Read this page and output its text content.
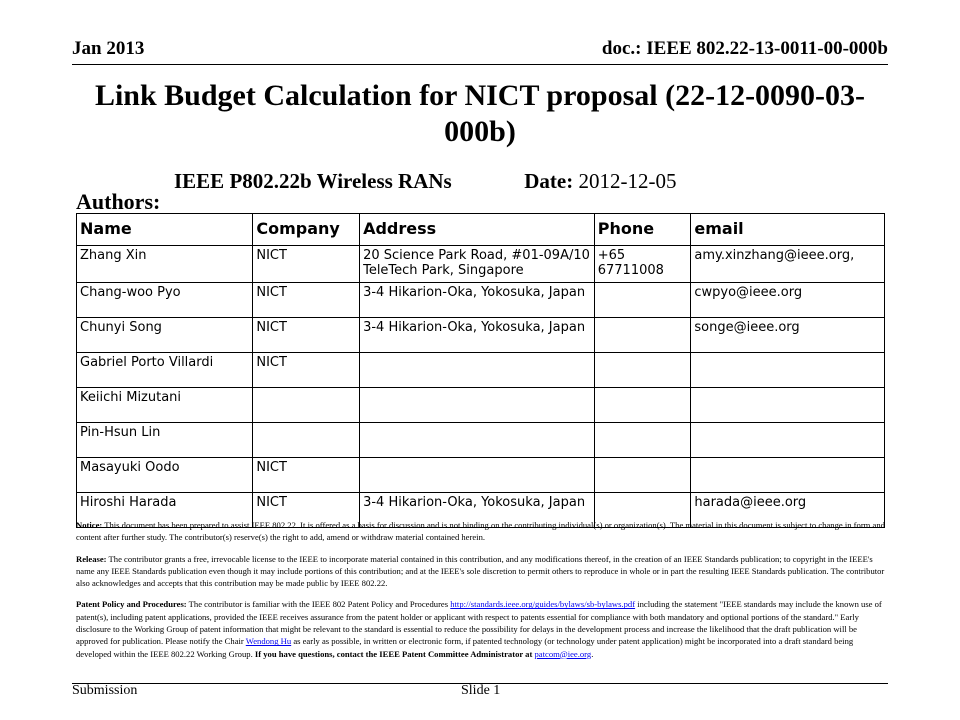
Jan 2013	doc.: IEEE 802.22-13-0011-00-000b
Link Budget Calculation for NICT proposal (22-12-0090-03-000b)
IEEE P802.22b Wireless RANs	Date: 2012-12-05
Authors:
Name	Company	Address	Phone	email
Zhang Xin	NICT	20 Science Park Road, #01-09A/10 TeleTech Park, Singapore	+65 67711008	amy.xinzhang@ieee.org,
Chang-woo Pyo	NICT	3-4 Hikarion-Oka, Yokosuka, Japan		cwpyo@ieee.org
Chunyi Song	NICT	3-4 Hikarion-Oka, Yokosuka, Japan		songe@ieee.org
Gabriel Porto Villardi	NICT			
Keiichi Mizutani				
Pin-Hsun Lin				
Masayuki Oodo	NICT			
Hiroshi Harada	NICT	3-4 Hikarion-Oka, Yokosuka, Japan		harada@ieee.org

Notice: This document has been prepared to assist IEEE 802.22. It is offered as a basis for discussion and is not binding on the contributing individual(s) or organization(s). The material in this document is subject to change in form and content after further study. The contributor(s) reserve(s) the right to add, amend or withdraw material contained herein.

Release: The contributor grants a free, irrevocable license to the IEEE to incorporate material contained in this contribution, and any modifications thereof, in the creation of an IEEE Standards publication; to copyright in the IEEE's name any IEEE Standards publication even though it may include portions of this contribution; and at the IEEE's sole discretion to permit others to reproduce in whole or in part the resulting IEEE Standards publication. The contributor also acknowledges and accepts that this contribution may be made public by IEEE 802.22.

Patent Policy and Procedures: The contributor is familiar with the IEEE 802 Patent Policy and Procedures http://standards.ieee.org/guides/bylaws/sb-bylaws.pdf including the statement "IEEE standards may include the known use of patent(s), including patent applications, provided the IEEE receives assurance from the patent holder or applicant with respect to patents essential for compliance with both mandatory and optional portions of the standard." Early disclosure to the Working Group of patent information that might be relevant to the standard is essential to reduce the possibility for delays in the development process and increase the likelihood that the draft publication will be approved for publication. Please notify the Chair Wendong Hu as early as possible, in written or electronic form, if patented technology (or technology under patent application) might be incorporated into a draft standard being developed within the IEEE 802.22 Working Group. If you have questions, contact the IEEE Patent Committee Administrator at patcom@iee.org.

Submission	Slide 1
